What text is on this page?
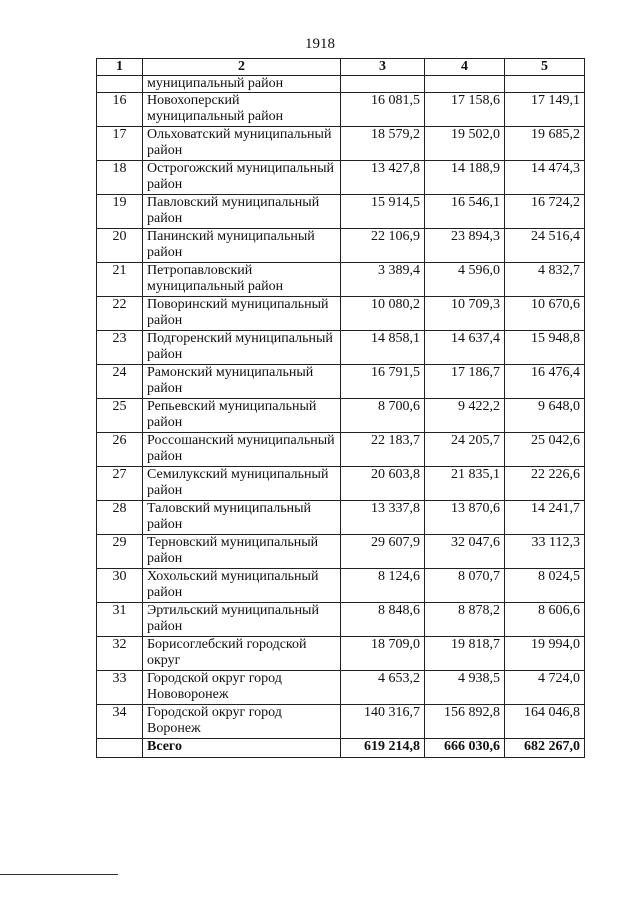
1918
1	2	3	4	5
	муниципальный район			
16	Новохоперский муниципальный район	16 081,5	17 158,6	17 149,1
17	Ольховатский муниципальный район	18 579,2	19 502,0	19 685,2
18	Острогожский муниципальный район	13 427,8	14 188,9	14 474,3
19	Павловский муниципальный район	15 914,5	16 546,1	16 724,2
20	Панинский муниципальный район	22 106,9	23 894,3	24 516,4
21	Петропавловский муниципальный район	3 389,4	4 596,0	4 832,7
22	Поворинский муниципальный район	10 080,2	10 709,3	10 670,6
23	Подгоренский муниципальный район	14 858,1	14 637,4	15 948,8
24	Рамонский муниципальный район	16 791,5	17 186,7	16 476,4
25	Репьевский муниципальный район	8 700,6	9 422,2	9 648,0
26	Россошанский муниципальный район	22 183,7	24 205,7	25 042,6
27	Семилукский муниципальный район	20 603,8	21 835,1	22 226,6
28	Таловский муниципальный район	13 337,8	13 870,6	14 241,7
29	Терновский муниципальный район	29 607,9	32 047,6	33 112,3
30	Хохольский муниципальный район	8 124,6	8 070,7	8 024,5
31	Эртильский муниципальный район	8 848,6	8 878,2	8 606,6
32	Борисоглебский городской округ	18 709,0	19 818,7	19 994,0
33	Городской округ город Нововоронеж	4 653,2	4 938,5	4 724,0
34	Городской округ город Воронеж	140 316,7	156 892,8	164 046,8
	Всего	619 214,8	666 030,6	682 267,0
